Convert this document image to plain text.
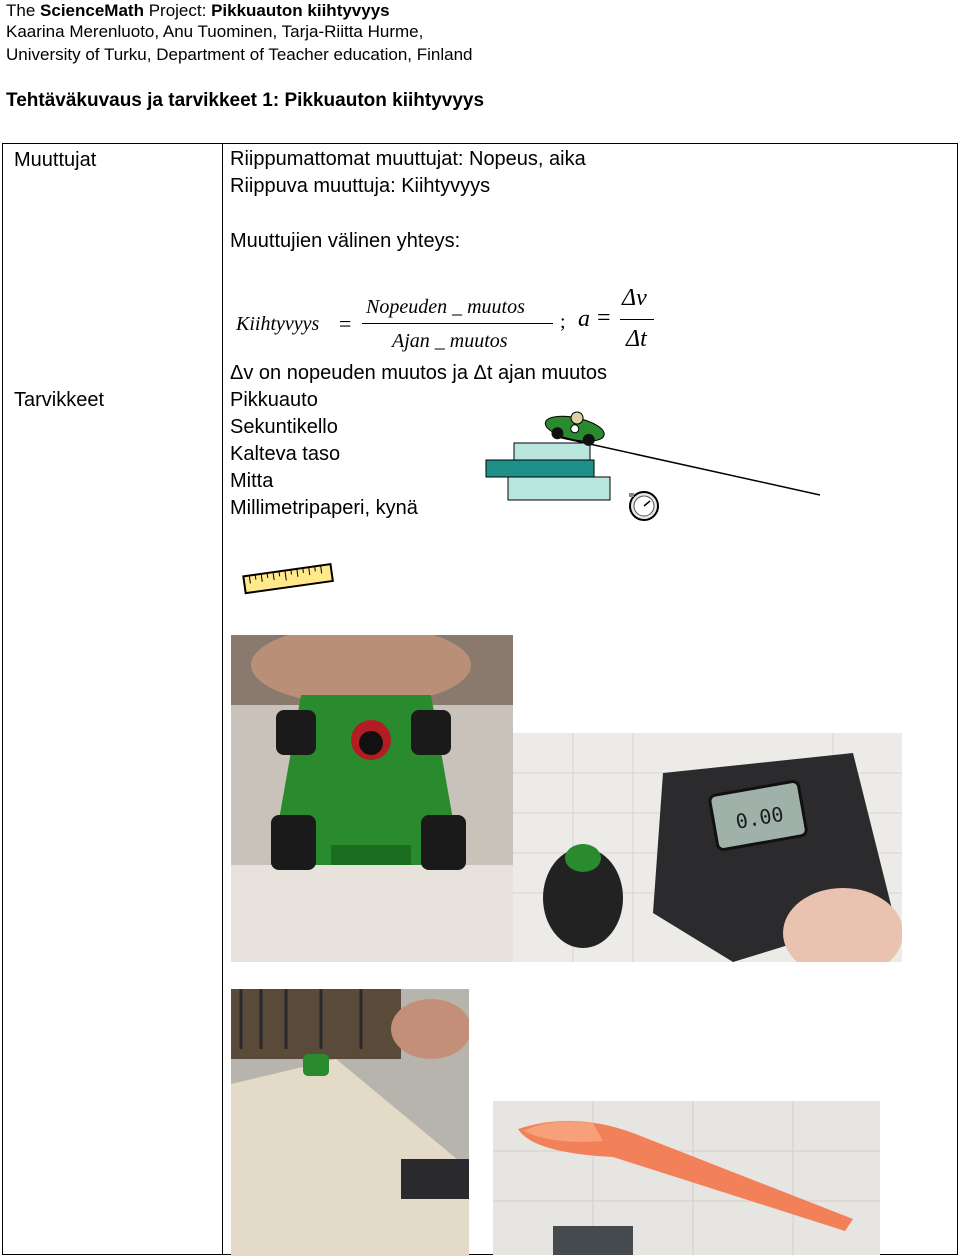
The ScienceMath Project: Pikkuauton kiihtyvyys
Kaarina Merenluoto, Anu Tuominen, Tarja-Riitta Hurme,
University of Turku, Department of Teacher education, Finland
Tehtäväkuvaus ja tarvikkeet 1: Pikkuauton kiihtyvyys
Muuttujat
Tarvikkeet
Riippumattomat muuttujat: Nopeus, aika
Riippuva muuttuja: Kiihtyvyys
Muuttujien välinen yhteys:
Kiihtyvyys =
Nopeuden _ muutos
Ajan _ muutos
; a =
Δv
Δt
Δv on nopeuden muutos ja Δt ajan muutos
Pikkuauto
Sekuntikello
Kalteva taso
Mitta
Millimetripaperi, kynä
0.00
